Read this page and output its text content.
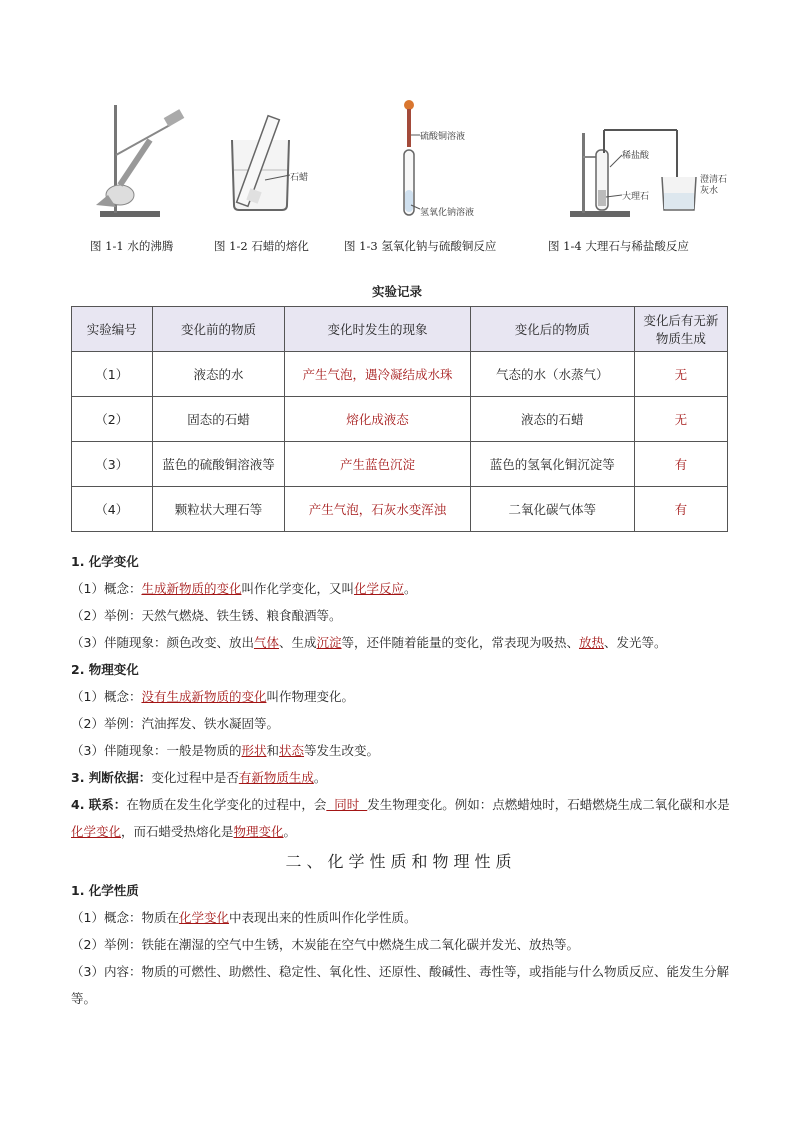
石蜡
硫酸铜溶液
氢氧化钠溶液
稀盐酸
大理石
澄清石灰水
图 1-1 水的沸腾	图 1-2 石蜡的熔化	图 1-3 氢氧化钠与硫酸铜反应	图 1-4 大理石与稀盐酸反应
实验记录
实验编号	变化前的物质	变化时发生的现象	变化后的物质	变化后有无新物质生成
（1）	液态的水	产生气泡，遇冷凝结成水珠	气态的水（水蒸气）	无
（2）	固态的石蜡	熔化成液态	液态的石蜡	无
（3）	蓝色的硫酸铜溶液等	产生蓝色沉淀	蓝色的氢氧化铜沉淀等	有
（4）	颗粒状大理石等	产生气泡，石灰水变浑浊	二氧化碳气体等	有

1. 化学变化

（1）概念：生成新物质的变化叫作化学变化，又叫化学反应。

（2）举例：天然气燃烧、铁生锈、粮食酿酒等。

（3）伴随现象：颜色改变、放出气体、生成沉淀等，还伴随着能量的变化，常表现为吸热、放热、发光等。

2. 物理变化

（1）概念：没有生成新物质的变化叫作物理变化。

（2）举例：汽油挥发、铁水凝固等。

（3）伴随现象：一般是物质的形状和状态等发生改变。

3. 判断依据：变化过程中是否有新物质生成。

4. 联系：在物质在发生化学变化的过程中，会  同时  发生物理变化。例如：点燃蜡烛时，石蜡燃烧生成二氧化碳和水是化学变化，而石蜡受热熔化是物理变化。

二、化学性质和物理性质

1. 化学性质

（1）概念：物质在化学变化中表现出来的性质叫作化学性质。

（2）举例：铁能在潮湿的空气中生锈，木炭能在空气中燃烧生成二氧化碳并发光、放热等。

（3）内容：物质的可燃性、助燃性、稳定性、氧化性、还原性、酸碱性、毒性等，或指能与什么物质反应、能发生分解等。
